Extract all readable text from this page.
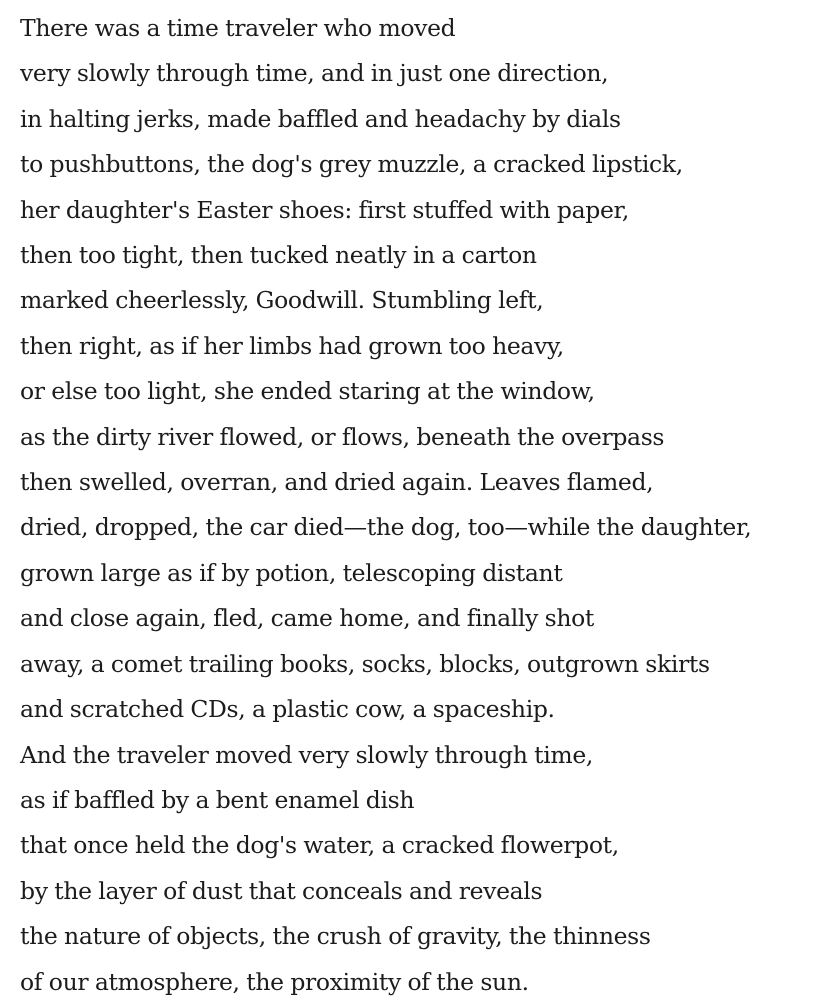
There was a time traveler who moved
very slowly through time, and in just one direction,
in halting jerks, made baffled and headachy by dials
to pushbuttons, the dog's grey muzzle, a cracked lipstick,
her daughter's Easter shoes: first stuffed with paper,
then too tight, then tucked neatly in a carton
marked cheerlessly, Goodwill. Stumbling left,
then right, as if her limbs had grown too heavy,
or else too light, she ended staring at the window,
as the dirty river flowed, or flows, beneath the overpass
then swelled, overran, and dried again. Leaves flamed,
dried, dropped, the car died—the dog, too—while the daughter,
grown large as if by potion, telescoping distant
and close again, fled, came home, and finally shot
away, a comet trailing books, socks, blocks, outgrown skirts
and scratched CDs, a plastic cow, a spaceship.
And the traveler moved very slowly through time,
as if baffled by a bent enamel dish
that once held the dog's water, a cracked flowerpot,
by the layer of dust that conceals and reveals
the nature of objects, the crush of gravity, the thinness
of our atmosphere, the proximity of the sun.
